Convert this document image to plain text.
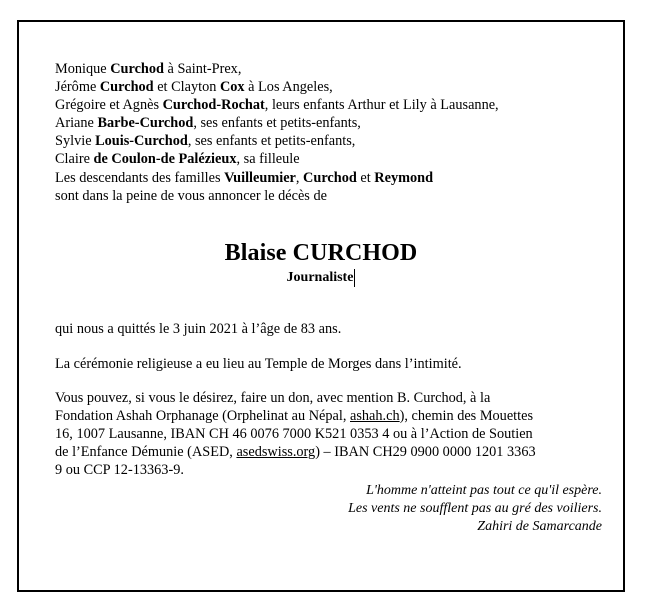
Monique Curchod à Saint-Prex,
Jérôme Curchod et Clayton Cox à Los Angeles,
Grégoire et Agnès Curchod-Rochat, leurs enfants Arthur et Lily à Lausanne,
Ariane Barbe-Curchod, ses enfants et petits-enfants,
Sylvie Louis-Curchod, ses enfants et petits-enfants,
Claire de Coulon-de Paléziеux, sa filleule
Les descendants des familles Vuilleumier, Curchod et Reymond
sont dans la peine de vous annoncer le décès de
Blaise CURCHOD
Journaliste
qui nous a quittés le 3 juin 2021 à l’âge de 83 ans.
La cérémonie religieuse a eu lieu au Temple de Morges dans l’intimité.
Vous pouvez, si vous le désirez, faire un don, avec mention B. Curchod, à la
Fondation Ashah Orphanage (Orphelinat au Népal, ashah.ch), chemin des Mouettes
16, 1007 Lausanne, IBAN CH 46 0076 7000 K521 0353 4 ou à l’Action de Soutien
de l’Enfance Démunie (ASED, asedswiss.org) – IBAN CH29 0900 0000 1201 3363
9 ou CCP 12-13363-9.
L'homme n'atteint pas tout ce qu'il espère.
Les vents ne soufflent pas au gré des voiliers.
Zahiri de Samarcande
